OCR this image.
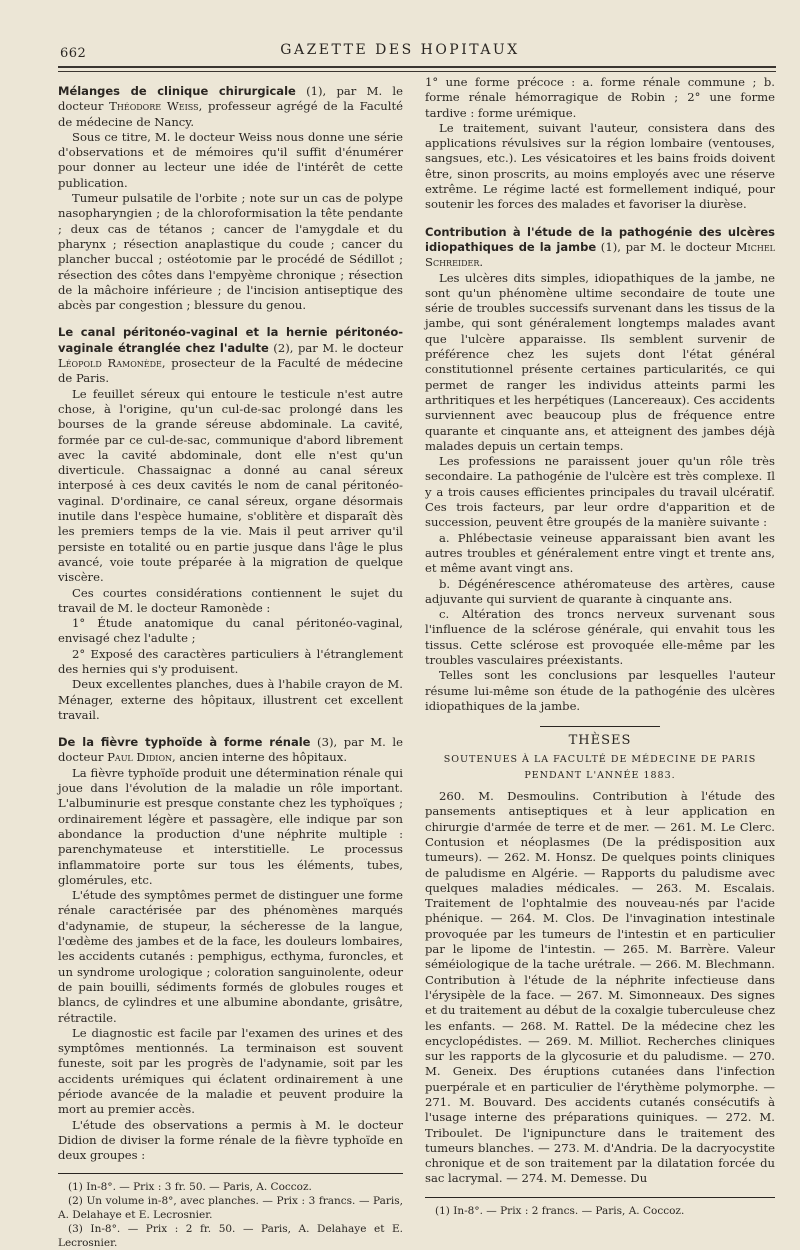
662	GAZETTE DES HOPITAUX

Mélanges de clinique chirurgicale (1), par M. le docteur Théodore Weiss, professeur agrégé de la Faculté de médecine de Nancy.

Sous ce titre, M. le docteur Weiss nous donne une série d'observations et de mémoires qu'il suffit d'énumérer pour donner au lecteur une idée de l'intérêt de cette publication.

Tumeur pulsatile de l'orbite ; note sur un cas de polype nasopharyngien ; de la chloroformisation la tête pendante ; deux cas de tétanos ; cancer de l'amygdale et du pharynx ; résection anaplastique du coude ; cancer du plancher buccal ; ostéotomie par le procédé de Sédillot ; résection des côtes dans l'empyème chronique ; résection de la mâchoire inférieure ; de l'incision antiseptique des abcès par congestion ; blessure du genou.

Le canal péritonéo-vaginal et la hernie péritonéo-vaginale étranglée chez l'adulte (2), par M. le docteur Léopold Ramonède, prosecteur de la Faculté de médecine de Paris.

Le feuillet séreux qui entoure le testicule n'est autre chose, à l'origine, qu'un cul-de-sac prolongé dans les bourses de la grande séreuse abdominale. La cavité, formée par ce cul-de-sac, communique d'abord librement avec la cavité abdominale, dont elle n'est qu'un diverticule. Chassaignac a donné au canal séreux interposé à ces deux cavités le nom de canal péritonéo-vaginal. D'ordinaire, ce canal séreux, organe désormais inutile dans l'espèce humaine, s'oblitère et disparaît dès les premiers temps de la vie. Mais il peut arriver qu'il persiste en totalité ou en partie jusque dans l'âge le plus avancé, voie toute préparée à la migration de quelque viscère.

Ces courtes considérations contiennent le sujet du travail de M. le docteur Ramonède :

1° Étude anatomique du canal péritonéo-vaginal, envisagé chez l'adulte ;

2° Exposé des caractères particuliers à l'étranglement des hernies qui s'y produisent.

Deux excellentes planches, dues à l'habile crayon de M. Ménager, externe des hôpitaux, illustrent cet excellent travail.

De la fièvre typhoïde à forme rénale (3), par M. le docteur Paul Didion, ancien interne des hôpitaux.

La fièvre typhoïde produit une détermination rénale qui joue dans l'évolution de la maladie un rôle important. L'albuminurie est presque constante chez les typhoïques ; ordinairement légère et passagère, elle indique par son abondance la production d'une néphrite multiple : parenchymateuse et interstitielle. Le processus inflammatoire porte sur tous les éléments, tubes, glomérules, etc.

L'étude des symptômes permet de distinguer une forme rénale caractérisée par des phénomènes marqués d'adynamie, de stupeur, la sécheresse de la langue, l'œdème des jambes et de la face, les douleurs lombaires, les accidents cutanés : pemphigus, ecthyma, furoncles, et un syndrome urologique ; coloration sanguinolente, odeur de pain bouilli, sédiments formés de globules rouges et blancs, de cylindres et une albumine abondante, grisâtre, rétractile.

Le diagnostic est facile par l'examen des urines et des symptômes mentionnés. La terminaison est souvent funeste, soit par les progrès de l'adynamie, soit par les accidents urémiques qui éclatent ordinairement à une période avancée de la maladie et peuvent produire la mort au premier accès.

L'étude des observations a permis à M. le docteur Didion de diviser la forme rénale de la fièvre typhoïde en deux groupes :

(1) In-8°. — Prix : 3 fr. 50. — Paris, A. Coccoz.

(2) Un volume in-8°, avec planches. — Prix : 3 francs. — Paris, A. Delahaye et E. Lecrosnier.

(3) In-8°. — Prix : 2 fr. 50. — Paris, A. Delahaye et E. Lecrosnier.

1° une forme précoce : a. forme rénale commune ; b. forme rénale hémorragique de Robin ; 2° une forme tardive : forme urémique.

Le traitement, suivant l'auteur, consistera dans des applications révulsives sur la région lombaire (ventouses, sangsues, etc.). Les vésicatoires et les bains froids doivent être, sinon proscrits, au moins employés avec une réserve extrême. Le régime lacté est formellement indiqué, pour soutenir les forces des malades et favoriser la diurèse.

Contribution à l'étude de la pathogénie des ulcères idiopathiques de la jambe (1), par M. le docteur Michel Schreider.

Les ulcères dits simples, idiopathiques de la jambe, ne sont qu'un phénomène ultime secondaire de toute une série de troubles successifs survenant dans les tissus de la jambe, qui sont généralement longtemps malades avant que l'ulcère apparaisse. Ils semblent survenir de préférence chez les sujets dont l'état général constitutionnel présente certaines particularités, ce qui permet de ranger les individus atteints parmi les arthritiques et les herpétiques (Lancereaux). Ces accidents surviennent avec beaucoup plus de fréquence entre quarante et cinquante ans, et atteignent des jambes déjà malades depuis un certain temps.

Les professions ne paraissent jouer qu'un rôle très secondaire. La pathogénie de l'ulcère est très complexe. Il y a trois causes efficientes principales du travail ulcératif. Ces trois facteurs, par leur ordre d'apparition et de succession, peuvent être groupés de la manière suivante :

a. Phlébectasie veineuse apparaissant bien avant les autres troubles et généralement entre vingt et trente ans, et même avant vingt ans.

b. Dégénérescence athéromateuse des artères, cause adjuvante qui survient de quarante à cinquante ans.

c. Altération des troncs nerveux survenant sous l'influence de la sclérose générale, qui envahit tous les tissus. Cette sclérose est provoquée elle-même par les troubles vasculaires préexistants.

Telles sont les conclusions par lesquelles l'auteur résume lui-même son étude de la pathogénie des ulcères idiopathiques de la jambe.

THÈSES
SOUTENUES À LA FACULTÉ DE MÉDECINE DE PARIS
PENDANT L'ANNÉE 1883.

260. M. Desmoulins. Contribution à l'étude des pansements antiseptiques et à leur application en chirurgie d'armée de terre et de mer. — 261. M. Le Clerc. Contusion et néoplasmes (De la prédisposition aux tumeurs). — 262. M. Honsz. De quelques points cliniques de paludisme en Algérie. — Rapports du paludisme avec quelques maladies médicales. — 263. M. Escalais. Traitement de l'ophtalmie des nouveau-nés par l'acide phénique. — 264. M. Clos. De l'invagination intestinale provoquée par les tumeurs de l'intestin et en particulier par le lipome de l'intestin. — 265. M. Barrère. Valeur séméiologique de la tache urétrale. — 266. M. Blechmann. Contribution à l'étude de la néphrite infectieuse dans l'érysipèle de la face. — 267. M. Simonneaux. Des signes et du traitement au début de la coxalgie tuberculeuse chez les enfants. — 268. M. Rattel. De la médecine chez les encyclopédistes. — 269. M. Milliot. Recherches cliniques sur les rapports de la glycosurie et du paludisme. — 270. M. Geneix. Des éruptions cutanées dans l'infection puerpérale et en particulier de l'érythème polymorphe. — 271. M. Bouvard. Des accidents cutanés consécutifs à l'usage interne des préparations quiniques. — 272. M. Triboulet. De l'ignipuncture dans le traitement des tumeurs blanches. — 273. M. d'Andria. De la dacryocystite chronique et de son traitement par la dilatation forcée du sac lacrymal. — 274. M. Demesse. Du

(1) In-8°. — Prix : 2 francs. — Paris, A. Coccoz.
